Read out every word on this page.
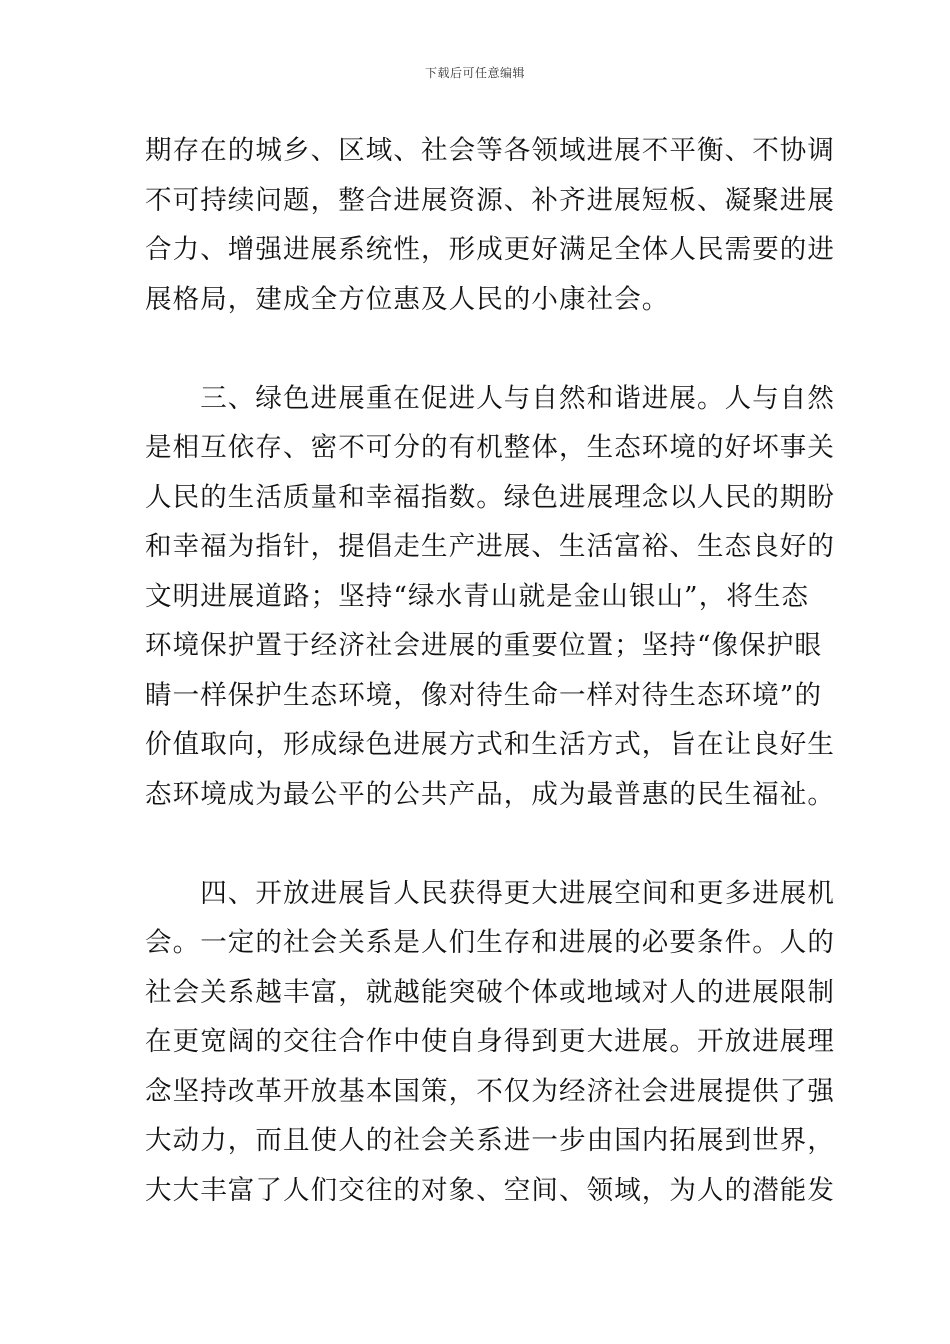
下载后可任意编辑
期存在的城乡、区域、社会等各领域进展不平衡、不协调
不可持续问题，整合进展资源、补齐进展短板、凝聚进展
合力、增强进展系统性，形成更好满足全体人民需要的进
展格局，建成全方位惠及人民的小康社会。
　　三、绿色进展重在促进人与自然和谐进展。人与自然
是相互依存、密不可分的有机整体，生态环境的好坏事关
人民的生活质量和幸福指数。绿色进展理念以人民的期盼
和幸福为指针，提倡走生产进展、生活富裕、生态良好的
文明进展道路；坚持“绿水青山就是金山银山”，将生态
环境保护置于经济社会进展的重要位置；坚持“像保护眼
睛一样保护生态环境，像对待生命一样对待生态环境”的
价值取向，形成绿色进展方式和生活方式，旨在让良好生
态环境成为最公平的公共产品，成为最普惠的民生福祉。
　　四、开放进展旨人民获得更大进展空间和更多进展机
会。一定的社会关系是人们生存和进展的必要条件。人的
社会关系越丰富，就越能突破个体或地域对人的进展限制
在更宽阔的交往合作中使自身得到更大进展。开放进展理
念坚持改革开放基本国策，不仅为经济社会进展提供了强
大动力，而且使人的社会关系进一步由国内拓展到世界，
大大丰富了人们交往的对象、空间、领域，为人的潜能发
